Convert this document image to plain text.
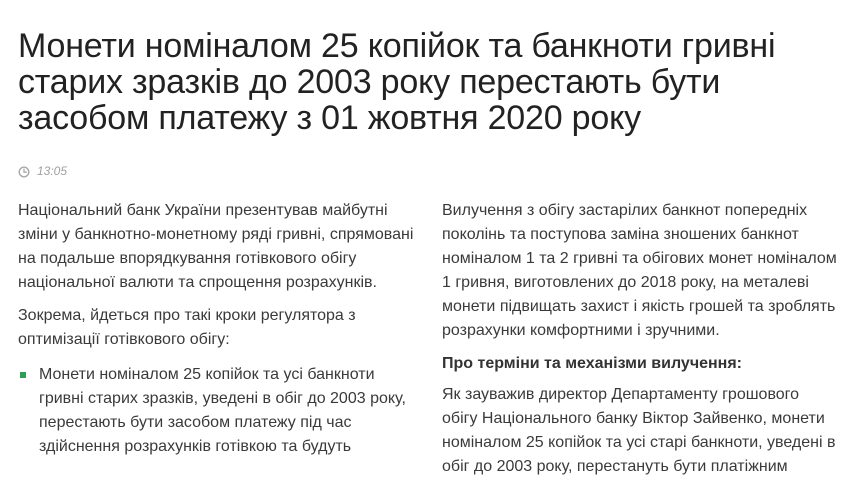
Монети номіналом 25 копійок та банкноти гривні старих зразків до 2003 року перестають бути засобом платежу з 01 жовтня 2020 року
13:05

Національний банк України презентував майбутні зміни у банкнотно-монетному ряді гривні, спрямовані на подальше впорядкування готівкового обігу національної валюти та спрощення розрахунків.

Зокрема, йдеться про такі кроки регулятора з оптимізації готівкового обігу:

Монети номіналом 25 копійок та усі банкноти гривні старих зразків, уведені в обіг до 2003 року, перестають бути засобом платежу під час здійснення розрахунків готівкою та будуть

Вилучення з обігу застарілих банкнот попередніх поколінь та поступова заміна зношених банкнот номіналом 1 та 2 гривні та обігових монет номіналом 1 гривня, виготовлених до 2018 року, на металеві монети підвищать захист і якість грошей та зроблять розрахунки комфортними і зручними.

Про терміни та механізми вилучення:

Як зауважив директор Департаменту грошового обігу Національного банку Віктор Зайвенко, монети номіналом 25 копійок та усі старі банкноти, уведені в обіг до 2003 року, перестануть бути платіжним
